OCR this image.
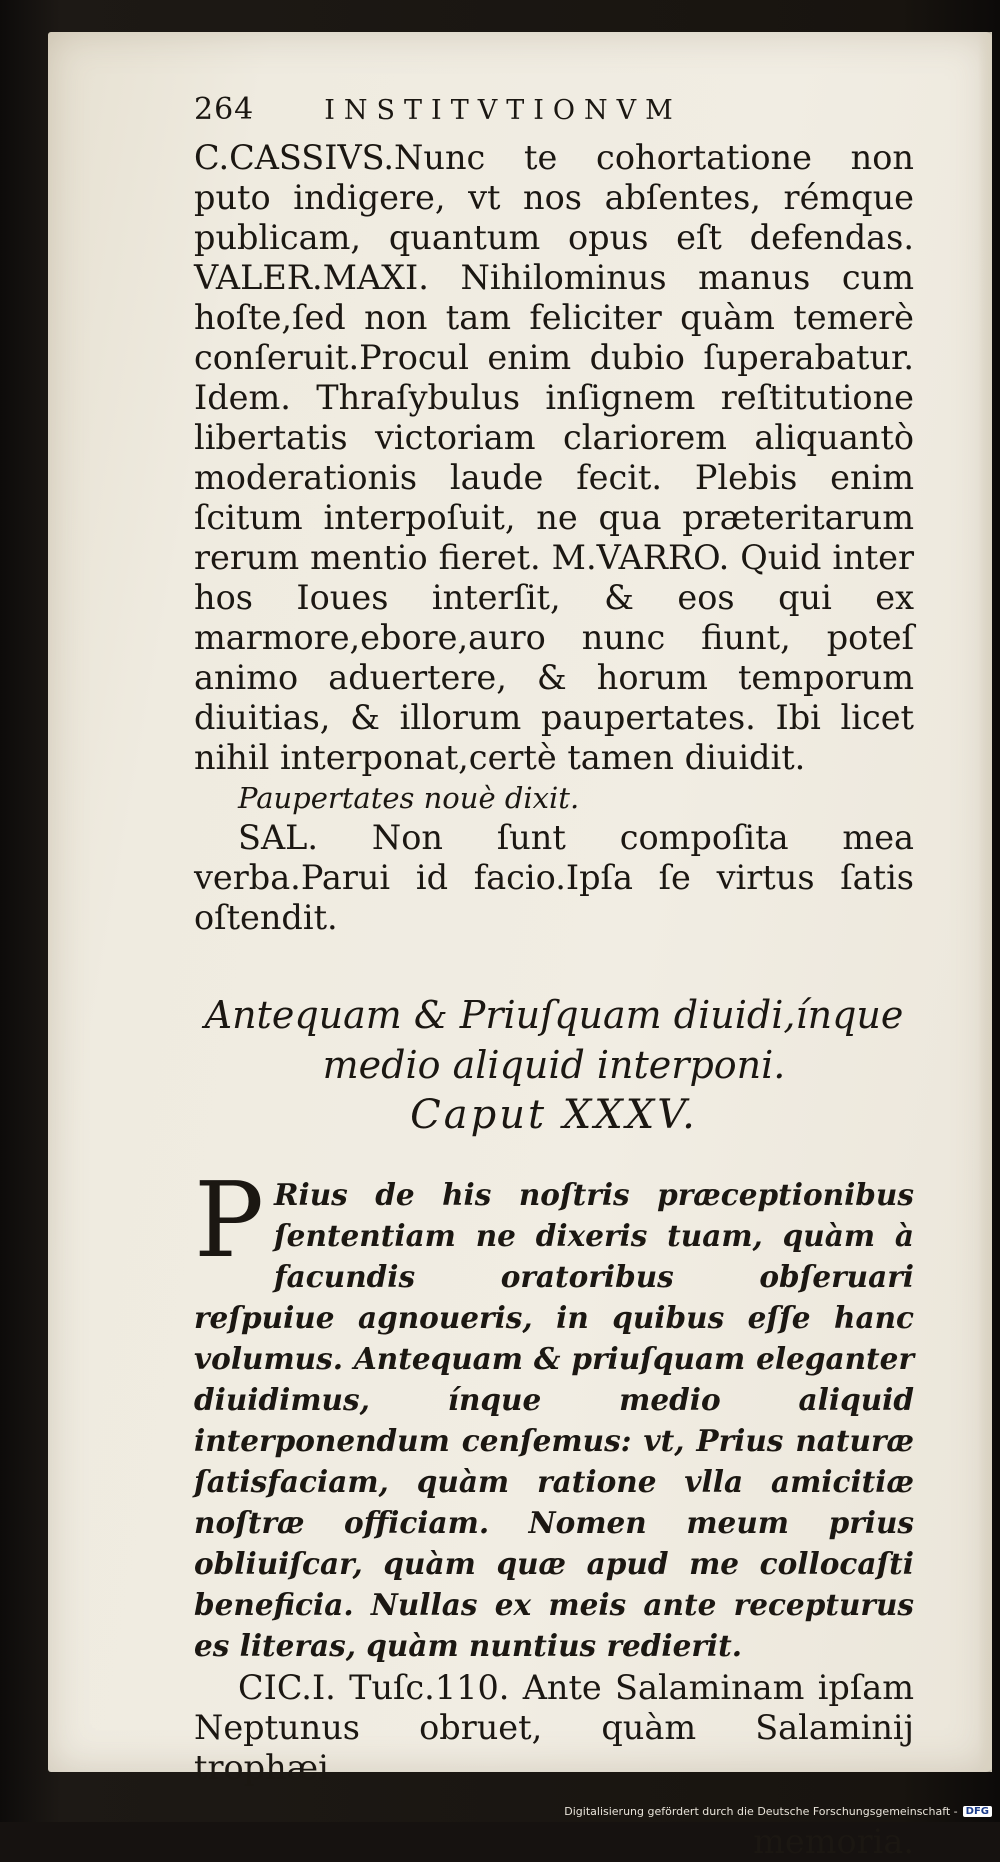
264	INSTITVTIONVM

C.CASSIVS.Nunc te cohortatione non puto indigere, vt nos abſentes, rémque publicam, quantum opus eſt defendas. VALER.MAXI. Nihilominus manus cum hoſte,ſed non tam feliciter quàm temerè conſeruit.Procul enim dubio ſuperabatur. Idem. Thraſybulus inſignem reſtitutione libertatis victoriam clariorem aliquantò moderationis laude fecit. Plebis enim ſcitum interpoſuit, ne qua præteritarum rerum mentio fieret. M.VARRO. Quid inter hos Ioues interſit, & eos qui ex marmore,ebore,auro nunc fiunt, poteſ animo aduertere, & horum temporum diuitias, & illorum paupertates. Ibi licet nihil interponat,certè tamen diuidit.

Paupertates nouè dixit.

SAL. Non ſunt compoſita mea verba.Parui id facio.Ipſa ſe virtus ſatis oſtendit.

Antequam & Priuſquam diuidi,ínque
medio aliquid interponi.
Caput XXXV.
P Rius de his noſtris præceptionibus ſententiam ne dixeris tuam, quàm à facundis oratoribus obſeruari reſpuiue agnoueris, in quibus eſſe hanc volumus. Antequam & priuſquam eleganter diuidimus, ínque medio aliquid interponendum cenſemus: vt, Prius naturæ ſatisfaciam, quàm ratione vlla amicitiæ noſtræ officiam. Nomen meum prius obliuiſcar, quàm quæ apud me collocaſti beneficia. Nullas ex meis ante recepturus es literas, quàm nuntius redierit.

CIC.I. Tuſc.110. Ante Salaminam ipſam Neptunus obruet, quàm Salaminij trophæi

memoria.
Digitalisierung gefördert durch die Deutsche Forschungsgemeinschaft - DFG
